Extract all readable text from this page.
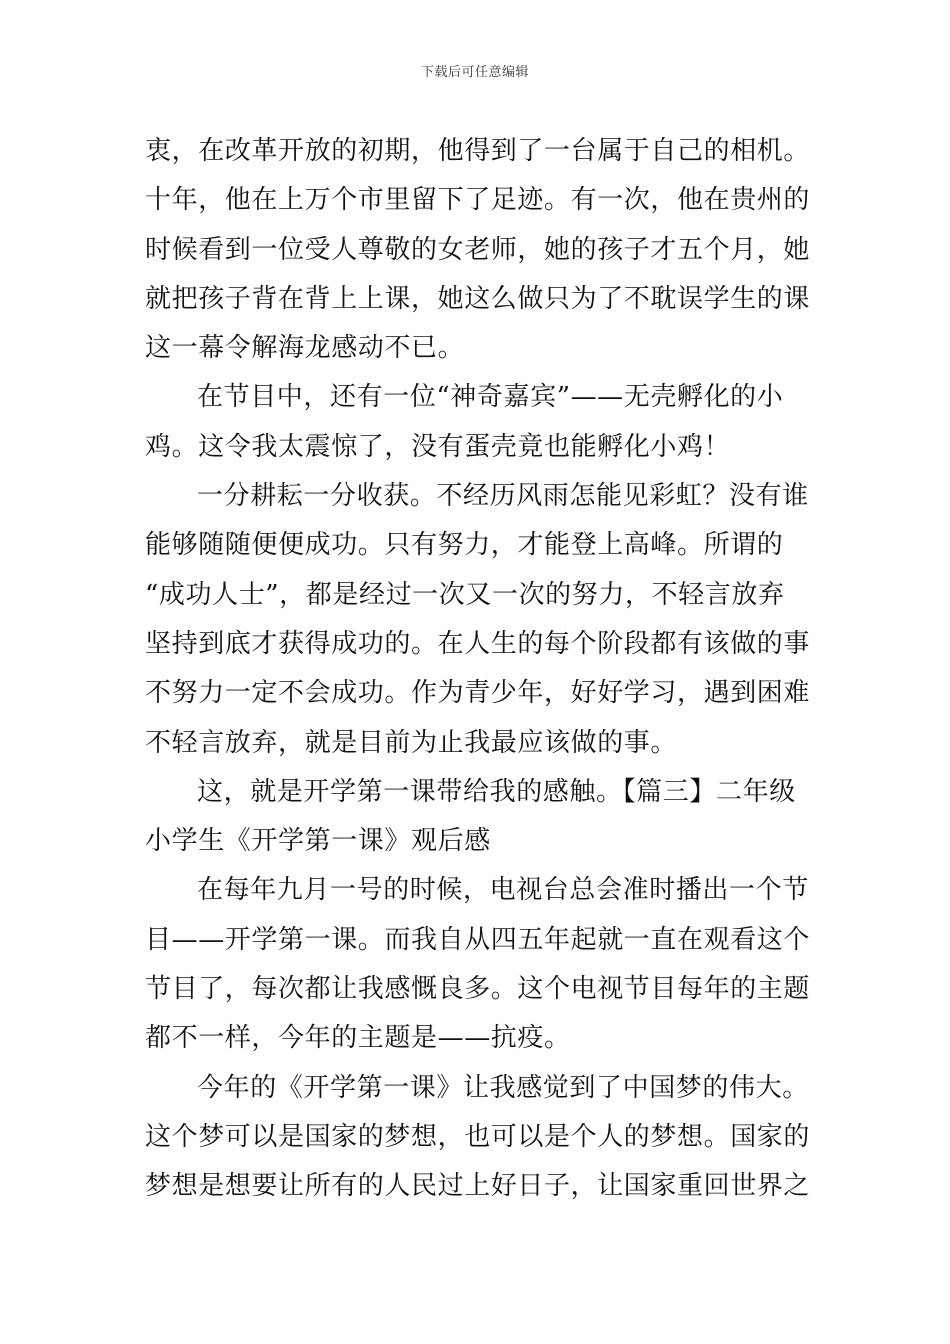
下载后可任意编辑
衷，在改革开放的初期，他得到了一台属于自己的相机。
十年，他在上万个市里留下了足迹。有一次，他在贵州的
时候看到一位受人尊敬的女老师，她的孩子才五个月，她
就把孩子背在背上上课，她这么做只为了不耽误学生的课
这一幕令解海龙感动不已。
在节目中，还有一位“神奇嘉宾”——无壳孵化的小
鸡。这令我太震惊了，没有蛋壳竟也能孵化小鸡！
一分耕耘一分收获。不经历风雨怎能见彩虹？没有谁
能够随随便便成功。只有努力，才能登上高峰。所谓的
“成功人士”，都是经过一次又一次的努力，不轻言放弃
坚持到底才获得成功的。在人生的每个阶段都有该做的事
不努力一定不会成功。作为青少年，好好学习，遇到困难
不轻言放弃，就是目前为止我最应该做的事。
这，就是开学第一课带给我的感触。【篇三】二年级
小学生《开学第一课》观后感
在每年九月一号的时候，电视台总会准时播出一个节
目——开学第一课。而我自从四五年起就一直在观看这个
节目了，每次都让我感慨良多。这个电视节目每年的主题
都不一样，今年的主题是——抗疫。
今年的《开学第一课》让我感觉到了中国梦的伟大。
这个梦可以是国家的梦想，也可以是个人的梦想。国家的
梦想是想要让所有的人民过上好日子，让国家重回世界之
